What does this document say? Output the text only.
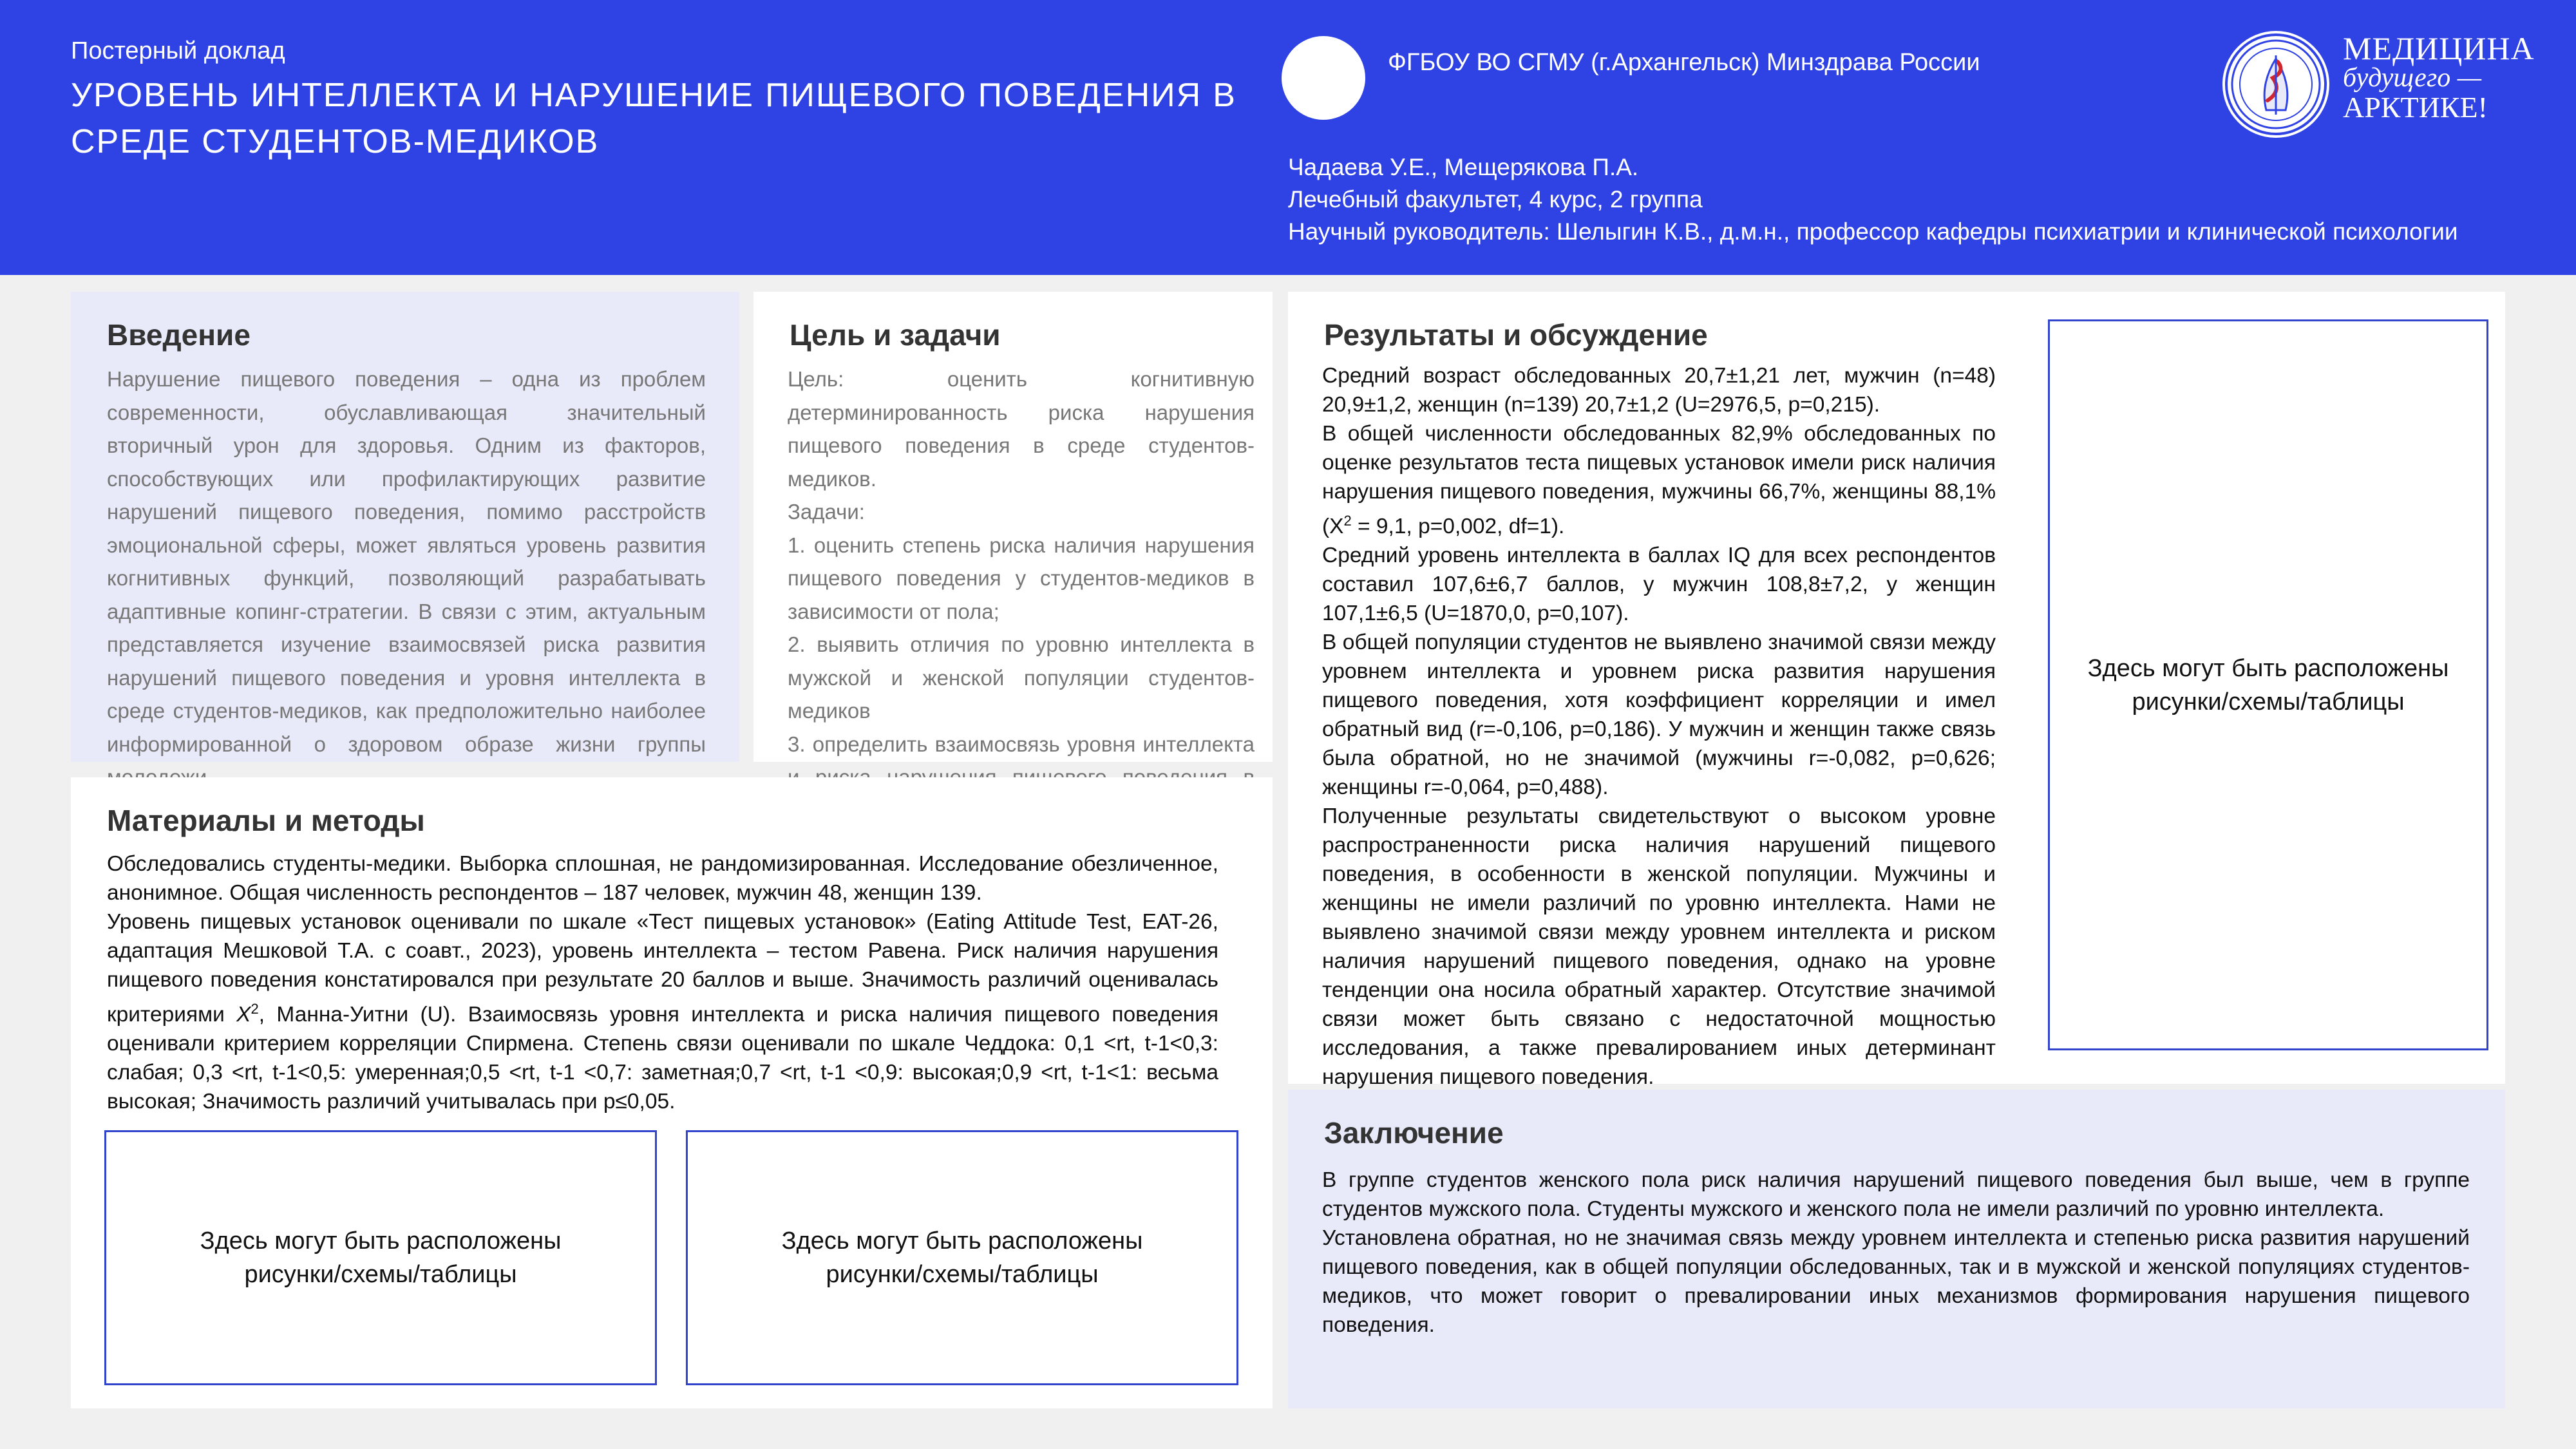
Постерный доклад
УРОВЕНЬ ИНТЕЛЛЕКТА И НАРУШЕНИЕ ПИЩЕВОГО ПОВЕДЕНИЯ В СРЕДЕ СТУДЕНТОВ-МЕДИКОВ
ФГБОУ ВО СГМУ (г.Архангельск) Минздрава России
Чадаева У.Е., Мещерякова П.А.
Лечебный факультет, 4 курс, 2 группа
Научный руководитель: Шелыгин К.В., д.м.н., профессор кафедры психиатрии и клинической психологии
МЕДИЦИНА
будущего —
АРКТИКЕ!
Введение
Нарушение пищевого поведения – одна из проблем современности, обуславливающая значительный вторичный урон для здоровья. Одним из факторов, способствующих или профилактирующих развитие нарушений пищевого поведения, помимо расстройств эмоциональной сферы, может являться уровень развития когнитивных функций, позволяющий разрабатывать адаптивные копинг-стратегии. В связи с этим, актуальным представляется изучение взаимосвязей риска развития нарушений пищевого поведения и уровня интеллекта в среде студентов-медиков, как предположительно наиболее информированной о здоровом образе жизни группы
Цель и задачи
Цель: оценить когнитивную детерминированность риска нарушения пищевого поведения в среде студентов-медиков.
Задачи:
1. оценить степень риска наличия нарушения пищевого поведения у студентов-медиков в зависимости от пола;
2. выявить отличия по уровню интеллекта в мужской и женской популяции студентов-медиков
3. определить взаимосвязь уровня интеллекта
Материалы и методы
Обследовались студенты-медики. Выборка сплошная, не рандомизированная. Исследование обезличенное, анонимное. Общая численность респондентов – 187 человек, мужчин 48, женщин 139.
Уровень пищевых установок оценивали по шкале «Тест пищевых установок» (Eating Attitude Test, EAT-26, адаптация Мешковой Т.А. с соавт., 2023), уровень интеллекта – тестом Равена. Риск наличия нарушения пищевого поведения констатировался при результате 20 баллов и выше. Значимость различий оценивалась критериями $X^2$, Манна-Уитни (U). Взаимосвязь уровня интеллекта и риска наличия пищевого поведения оценивали критерием корреляции Спирмена. Степень связи оценивали по шкале Чеддока: 0,1 <rt, t-1<0,3: слабая; 0,3 <rt, t-1<0,5: умеренная;0,5 <rt, t-1 <0,7: заметная;0,7 <rt, t-1 <0,9: высокая;0,9 <rt, t-1<1: весьма высокая; Значимость различий учитывалась при p≤0,05.
Здесь могут быть расположены
рисунки/схемы/таблицы
Здесь могут быть расположены
рисунки/схемы/таблицы
Результаты и обсуждение
Средний возраст обследованных 20,7±1,21 лет, мужчин (n=48) 20,9±1,2, женщин (n=139) 20,7±1,2 (U=2976,5, p=0,215).
В общей численности обследованных 82,9% обследованных по оценке результатов теста пищевых установок имели риск наличия нарушения пищевого поведения, мужчины 66,7%, женщины 88,1% ($X^2 = 9,1$, p=0,002, df=1).
Средний уровень интеллекта в баллах IQ для всех респондентов составил 107,6±6,7 баллов, у мужчин 108,8±7,2, у женщин 107,1±6,5 (U=1870,0, p=0,107).
В общей популяции студентов не выявлено значимой связи между уровнем интеллекта и уровнем риска развития нарушения пищевого поведения, хотя коэффициент корреляции и имел обратный вид (r=-0,106, p=0,186). У мужчин и женщин также связь была обратной, но не значимой (мужчины r=-0,082, p=0,626; женщины r=-0,064, p=0,488).
Полученные результаты свидетельствуют о высоком уровне распространенности риска наличия нарушений пищевого поведения, в особенности в женской популяции. Мужчины и женщины не имели различий по уровню интеллекта. Нами не выявлено значимой связи между уровнем интеллекта и риском наличия нарушений пищевого поведения, однако на уровне тенденции она носила обратный характер. Отсутствие значимой связи может быть связано с недостаточной мощностью исследования, а также превалированием иных детерминант нарушения пищевого поведения.
Здесь могут быть расположены
рисунки/схемы/таблицы
Заключение
В группе студентов женского пола риск наличия нарушений пищевого поведения был выше, чем в группе студентов мужского пола. Студенты мужского и женского пола не имели различий по уровню интеллекта.
Установлена обратная, но не значимая связь между уровнем интеллекта и степенью риска развития нарушений пищевого поведения, как в общей популяции обследованных, так и в мужской и женской популяциях студентов-медиков, что может говорит о превалировании иных механизмов формирования нарушения пищевого поведения.
